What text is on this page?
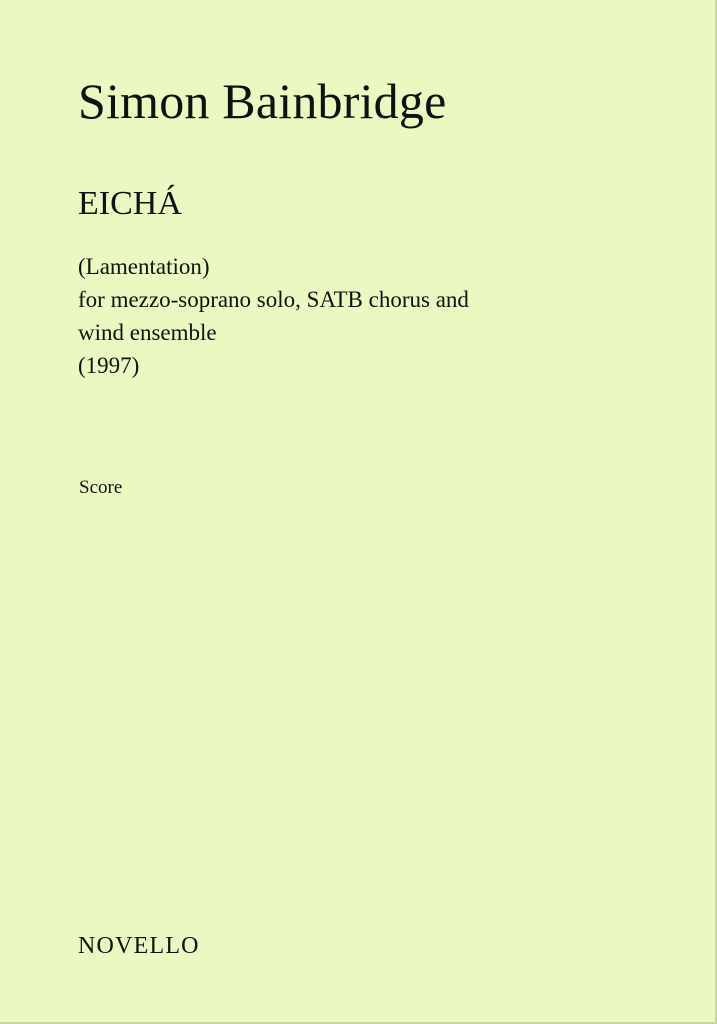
Simon Bainbridge
EICHÁ
(Lamentation)
for mezzo-soprano solo, SATB chorus and
wind ensemble
(1997)
Score
NOVELLO
